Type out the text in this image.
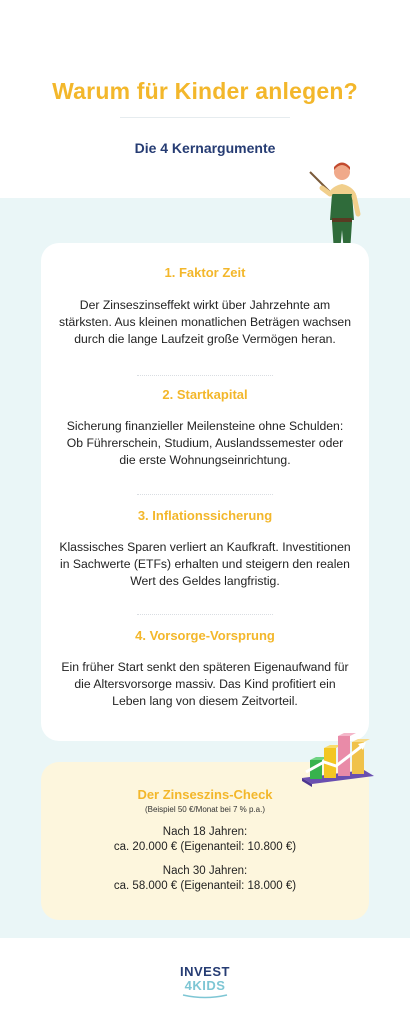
Warum für Kinder anlegen?
Die 4 Kernargumente
1. Faktor Zeit
Der Zinseszinseffekt wirkt über Jahrzehnte am stärksten. Aus kleinen monatlichen Beträgen wachsen durch die lange Laufzeit große Vermögen heran.
2. Startkapital
Sicherung finanzieller Meilensteine ohne Schulden: Ob Führerschein, Studium, Auslandssemester oder die erste Wohnungseinrichtung.
3. Inflationssicherung
Klassisches Sparen verliert an Kaufkraft. Investitionen in Sachwerte (ETFs) erhalten und steigern den realen Wert des Geldes langfristig.
4. Vorsorge-Vorsprung
Ein früher Start senkt den späteren Eigenaufwand für die Altersvorsorge massiv. Das Kind profitiert ein Leben lang von diesem Zeitvorteil.
Der Zinseszins-Check
(Beispiel 50 €/Monat bei 7 % p.a.)
Nach 18 Jahren:
ca. 20.000 € (Eigenanteil: 10.800 €)
Nach 30 Jahren:
ca. 58.000 € (Eigenanteil: 18.000 €)
INVEST
4KIDS
